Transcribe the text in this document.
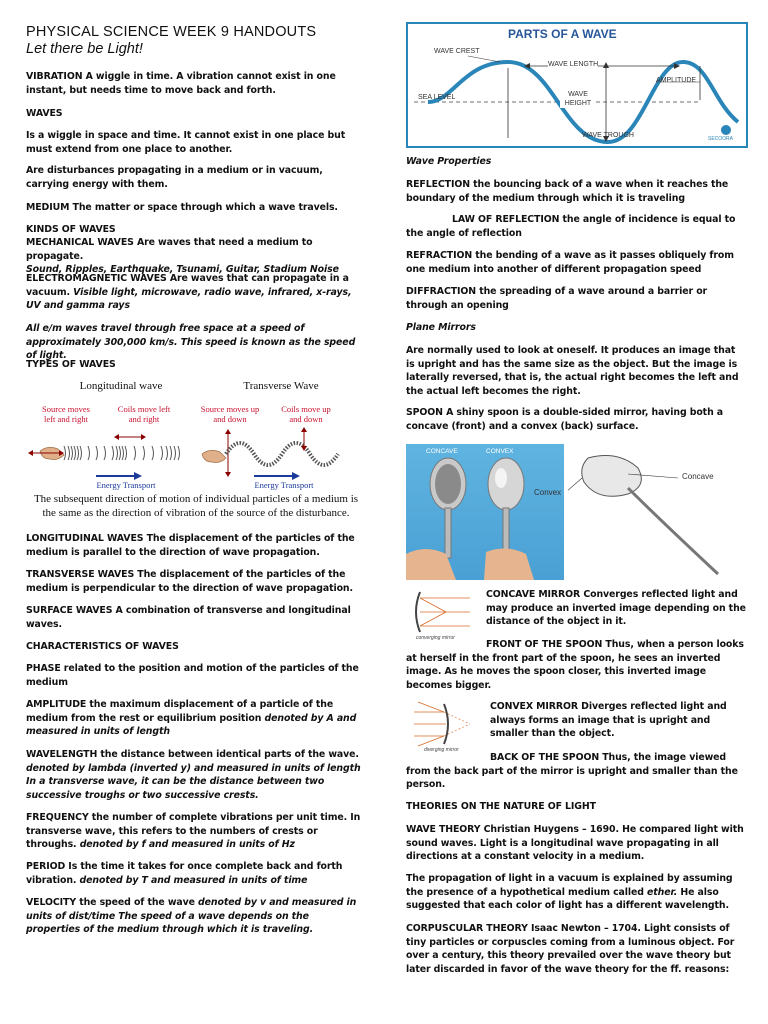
PHYSICAL SCIENCE WEEK 9 HANDOUTS
Let there be Light!
VIBRATION A wiggle in time. A vibration cannot exist in one instant, but needs time to move back and forth.
WAVES
Is a wiggle in space and time. It cannot exist in one place but must extend from one place to another.
Are disturbances propagating in a medium or in vacuum, carrying energy with them.
MEDIUM The matter or space through which a wave travels.
KINDS OF WAVES
MECHANICAL WAVES Are waves that need a medium to propagate.
Sound, Ripples, Earthquake, Tsunami, Guitar, Stadium Noise
ELECTROMAGNETIC WAVES Are waves that can propagate in a vacuum. Visible light, microwave, radio wave, infrared, x-rays, UV and gamma rays
All e/m waves travel through free space at a speed of approximately 300,000 km/s. This speed is known as the speed of light.
TYPES OF WAVES
Longitudinal wave	Transverse Wave
Source moves left and right
Coils move left and right
Source moves up and down
Coils move up and down
Energy Transport	Energy Transport
The subsequent direction of motion of individual particles of a medium is the same as the direction of vibration of the source of the disturbance.
LONGITUDINAL WAVES The displacement of the particles of the medium is parallel to the direction of wave propagation.
TRANSVERSE WAVES The displacement of the particles of the medium is perpendicular to the direction of wave propagation.
SURFACE WAVES A combination of transverse and longitudinal waves.
CHARACTERISTICS OF WAVES
PHASE related to the position and motion of the particles of the medium
AMPLITUDE the maximum displacement of a particle of the medium from the rest or equilibrium position denoted by A and measured in units of length
WAVELENGTH the distance between identical parts of the wave. denoted by lambda (inverted y) and measured in units of length
In a transverse wave, it can be the distance between two successive troughs or two successive crests.
FREQUENCY the number of complete vibrations per unit time. In transverse wave, this refers to the numbers of crests or throughs. denoted by f and measured in units of Hz
PERIOD Is the time it takes for once complete back and forth vibration. denoted by T and measured in units of time
VELOCITY the speed of the wave denoted by v and measured in units of dist/time The speed of a wave depends on the properties of the medium through which it is traveling.
PARTS OF A WAVE
WAVE CREST
WAVE LENGTH
AMPLITUDE
SEA LEVEL	WAVE HEIGHT
WAVE TROUGH	SECOORA
Wave Properties
REFLECTION the bouncing back of a wave when it reaches the boundary of the medium through which it is traveling
LAW OF REFLECTION the angle of incidence is equal to the angle of reflection
REFRACTION the bending of a wave as it passes obliquely from one medium into another of different propagation speed
DIFFRACTION the spreading of a wave around a barrier or through an opening
Plane Mirrors
Are normally used to look at oneself. It produces an image that is upright and has the same size as the object. But the image is laterally reversed, that is, the actual right becomes the left and the actual left becomes the right.
SPOON A shiny spoon is a double-sided mirror, having both a concave (front) and a convex (back) surface.
CONCAVE	CONVEX
Concave
Convex
converging mirror
CONCAVE MIRROR Converges reflected light and may produce an inverted image depending on the distance of the object in it.
FRONT OF THE SPOON Thus, when a person looks at herself in the front part of the spoon, he sees an inverted image. As he moves the spoon closer, this inverted image becomes bigger.
diverging mirror
CONVEX MIRROR Diverges reflected light and always forms an image that is upright and smaller than the object.
BACK OF THE SPOON Thus, the image viewed from the back part of the mirror is upright and smaller than the person.
THEORIES ON THE NATURE OF LIGHT
WAVE THEORY Christian Huygens – 1690. He compared light with sound waves. Light is a longitudinal wave propagating in all directions at a constant velocity in a medium.
The propagation of light in a vacuum is explained by assuming the presence of a hypothetical medium called ether. He also suggested that each color of light has a different wavelength.
CORPUSCULAR THEORY Isaac Newton – 1704. Light consists of tiny particles or corpuscles coming from a luminous object. For over a century, this theory prevailed over the wave theory but later discarded in favor of the wave theory for the ff. reasons:
